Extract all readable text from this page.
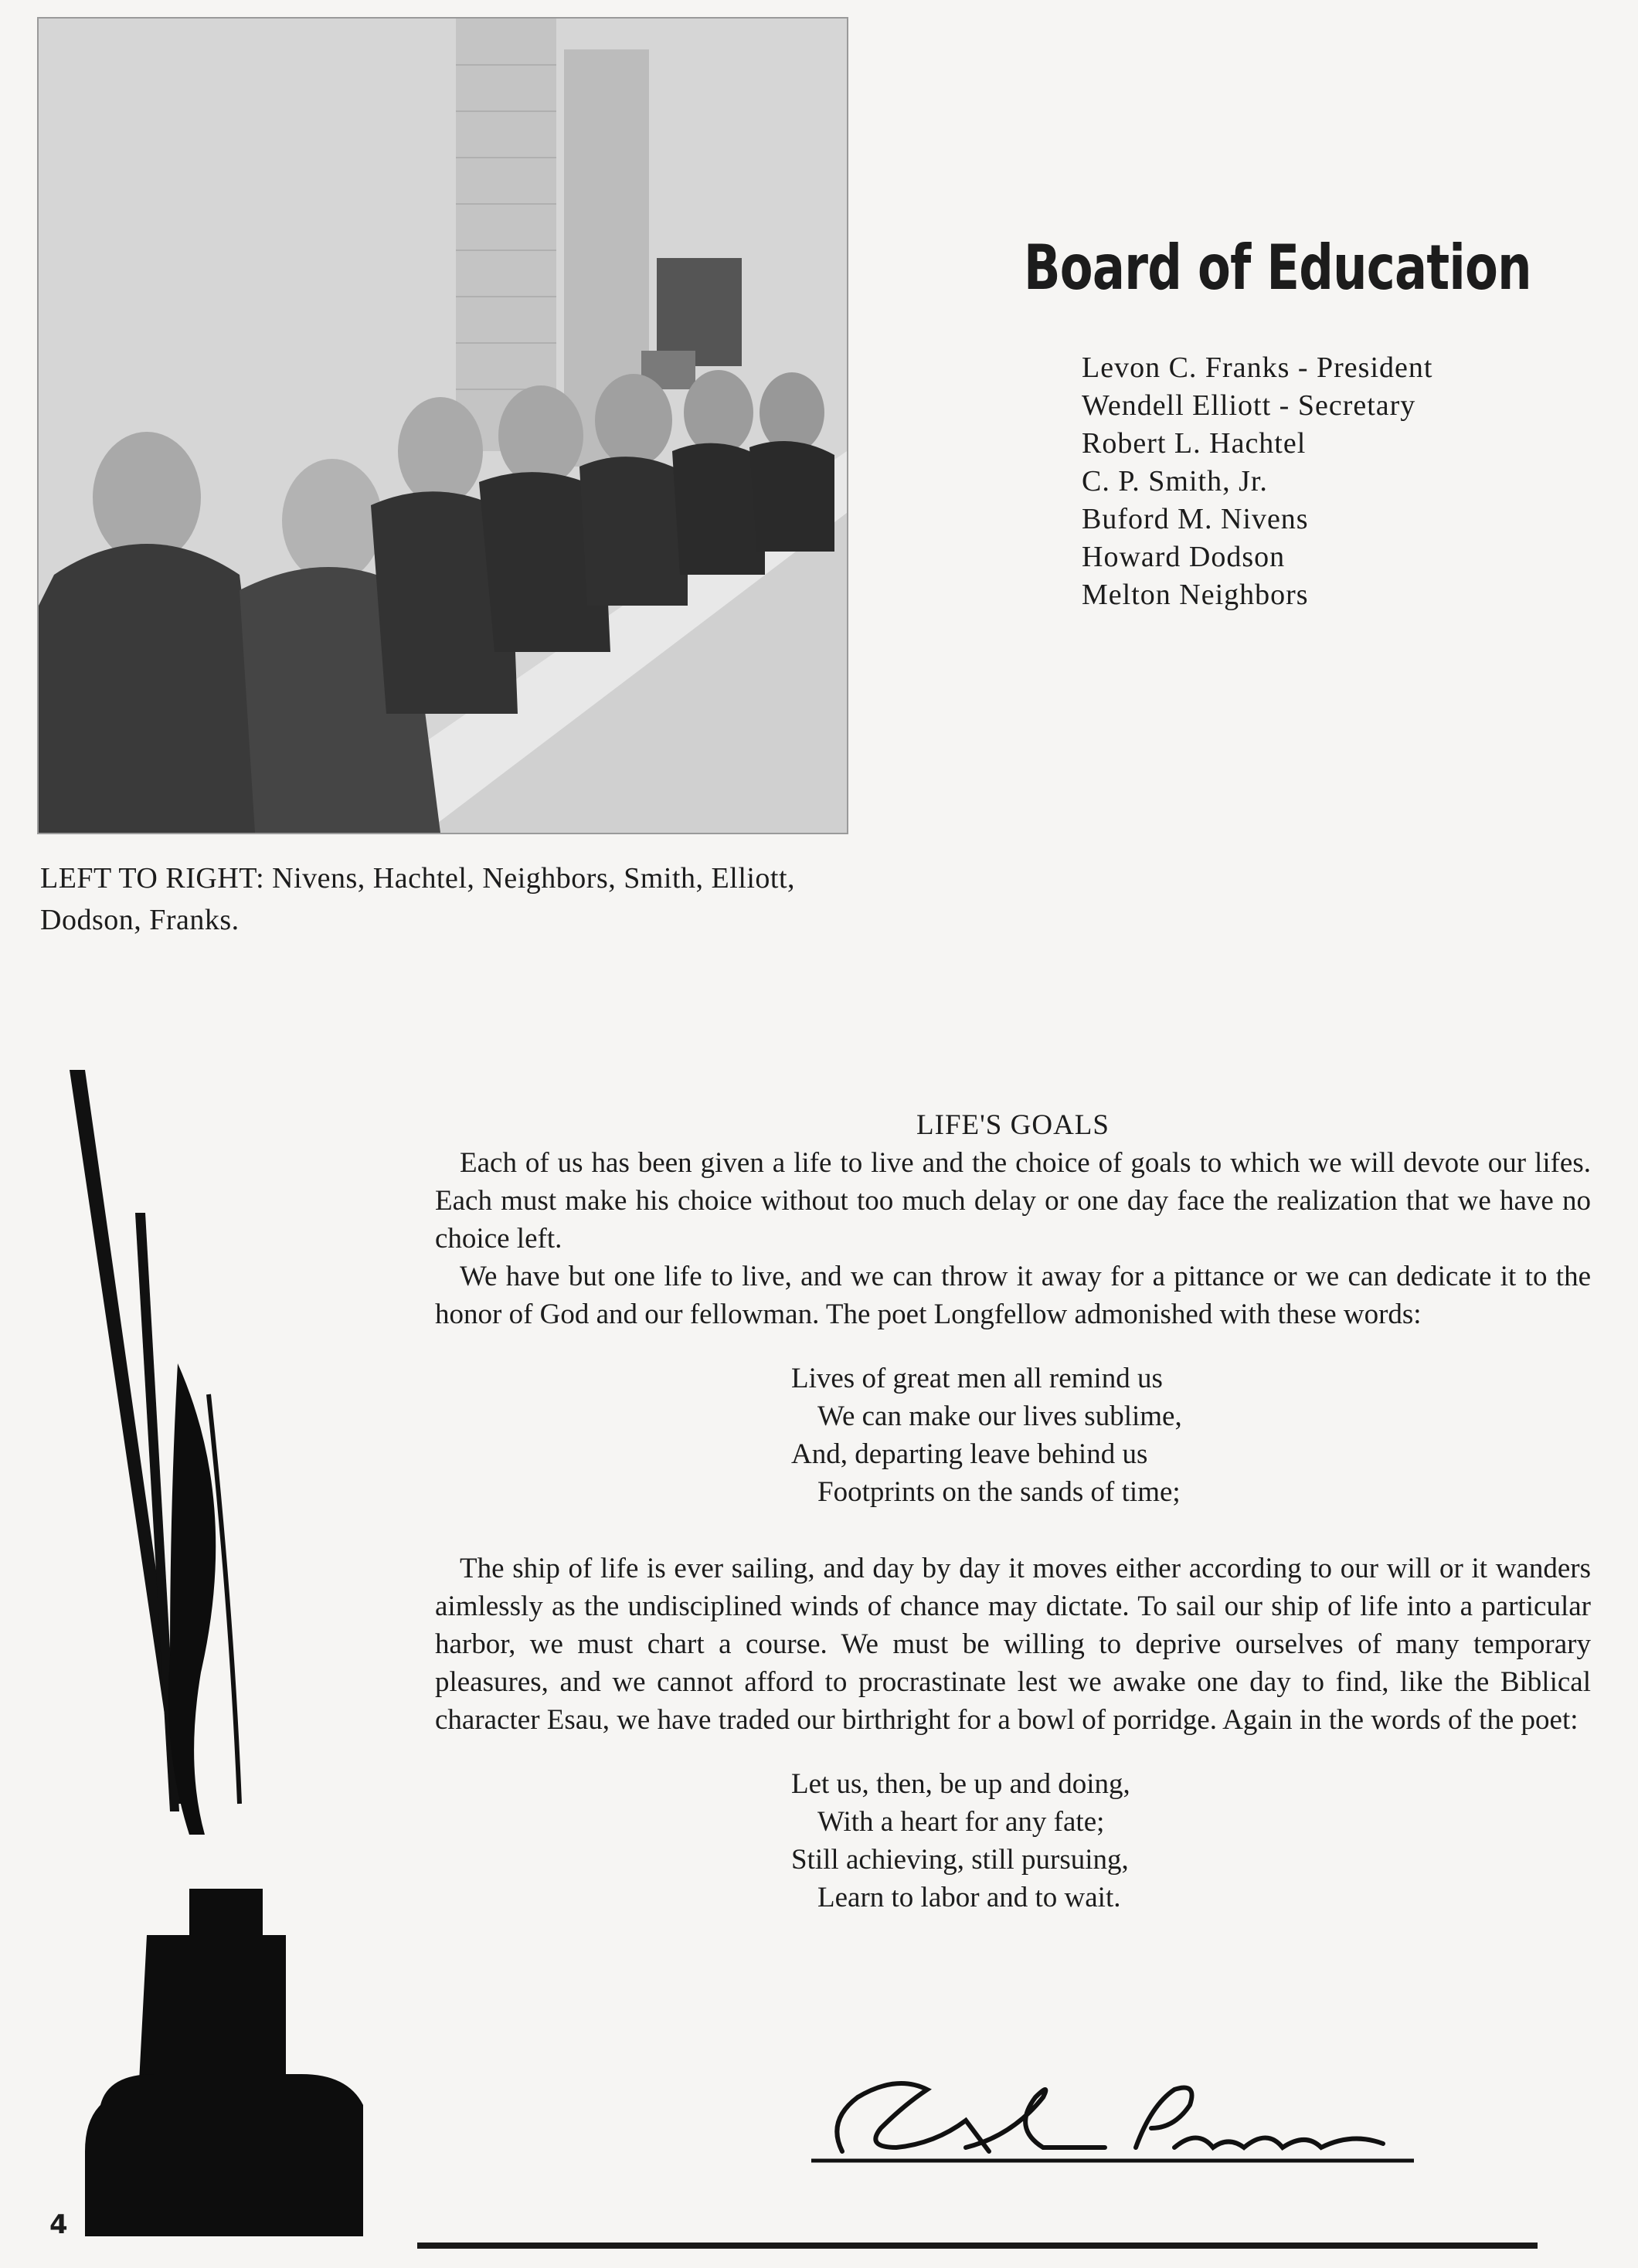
LEFT TO RIGHT: Nivens, Hachtel, Neighbors, Smith, Elliott, Dodson, Franks.
Board of Education
Levon C. Franks - President
Wendell Elliott - Secretary
Robert L. Hachtel
C. P. Smith, Jr.
Buford M. Nivens
Howard Dodson
Melton Neighbors
LIFE'S GOALS

Each of us has been given a life to live and the choice of goals to which we will devote our lifes. Each must make his choice without too much delay or one day face the realization that we have no choice left.

We have but one life to live, and we can throw it away for a pittance or we can dedicate it to the honor of God and our fellowman. The poet Longfellow admonished with these words:

Lives of great men all remind us
We can make our lives sublime,
And, departing leave behind us
Footprints on the sands of time;

The ship of life is ever sailing, and day by day it moves either according to our will or it wanders aimlessly as the undisciplined winds of chance may dictate. To sail our ship of life into a particular harbor, we must chart a course. We must be willing to deprive ourselves of many temporary pleasures, and we cannot afford to procrastinate lest we awake one day to find, like the Biblical character Esau, we have traded our birthright for a bowl of porridge. Again in the words of the poet:

Let us, then, be up and doing,
With a heart for any fate;
Still achieving, still pursuing,
Learn to labor and to wait.
4
